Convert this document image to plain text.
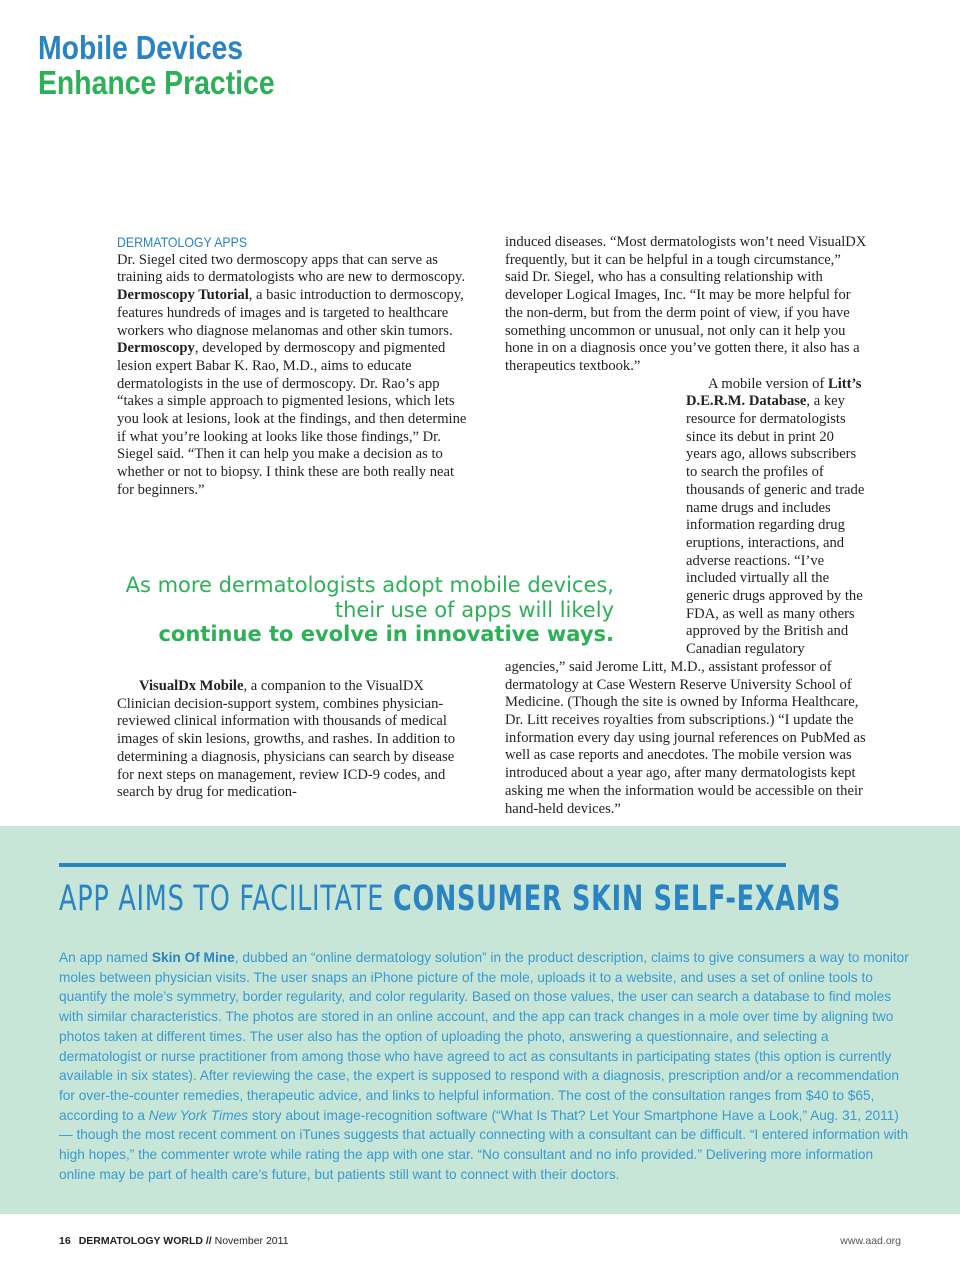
Mobile Devices
Enhance Practice
DERMATOLOGY APPS

Dr. Siegel cited two dermoscopy apps that can serve as training aids to dermatologists who are new to dermoscopy. Dermoscopy Tutorial, a basic introduction to dermoscopy, features hundreds of images and is targeted to healthcare workers who diagnose melanomas and other skin tumors. Dermoscopy, developed by dermoscopy and pigmented lesion expert Babar K. Rao, M.D., aims to educate dermatologists in the use of dermoscopy. Dr. Rao’s app “takes a simple approach to pigmented lesions, which lets you look at lesions, look at the findings, and then determine if what you’re looking at looks like those findings,” Dr. Siegel said. “Then it can help you make a decision as to whether or not to biopsy. I think these are both really neat for beginners.”

As more dermatologists adopt mobile devices,
their use of apps will likely
continue to evolve in innovative ways.

VisualDx Mobile, a companion to the VisualDX Clinician decision-support system, combines physician-reviewed clinical information with thousands of medical images of skin lesions, growths, and rashes. In addition to determining a diagnosis, physicians can search by disease for next steps on management, review ICD-9 codes, and search by drug for medication-

induced diseases. “Most dermatologists won’t need VisualDX frequently, but it can be helpful in a tough circumstance,” said Dr. Siegel, who has a consulting relationship with developer Logical Images, Inc. “It may be more helpful for the non-derm, but from the derm point of view, if you have something uncommon or unusual, not only can it help you hone in on a diagnosis once you’ve gotten there, it also has a therapeutics textbook.”

A mobile version of Litt’s D.E.R.M. Database, a key resource for dermatologists since its debut in print 20 years ago, allows subscribers to search the profiles of thousands of generic and trade name drugs and includes information regarding drug eruptions, interactions, and adverse reactions. “I’ve included virtually all the generic drugs approved by the FDA, as well as many others approved by the British and Canadian regulatory agencies,” said Jerome Litt, M.D., assistant professor of dermatology at Case Western Reserve University School of Medicine. (Though the site is owned by Informa Healthcare, Dr. Litt receives royalties from subscriptions.) “I update the information every day using journal references on PubMed as well as case reports and anecdotes. The mobile version was introduced about a year ago, after many dermatologists kept asking me when the information would be accessible on their hand-held devices.”

APP AIMS TO FACILITATE CONSUMER SKIN SELF-EXAMS

An app named Skin Of Mine, dubbed an “online dermatology solution” in the product description, claims to give consumers a way to monitor moles between physician visits. The user snaps an iPhone picture of the mole, uploads it to a website, and uses a set of online tools to quantify the mole’s symmetry, border regularity, and color regularity. Based on those values, the user can search a database to find moles with similar characteristics. The photos are stored in an online account, and the app can track changes in a mole over time by aligning two photos taken at different times. The user also has the option of uploading the photo, answering a questionnaire, and selecting a dermatologist or nurse practitioner from among those who have agreed to act as consultants in participating states (this option is currently available in six states). After reviewing the case, the expert is supposed to respond with a diagnosis, prescription and/or a recommendation for over-the-counter remedies, therapeutic advice, and links to helpful information. The cost of the consultation ranges from $40 to $65, according to a New York Times story about image-recognition software (“What Is That? Let Your Smartphone Have a Look,” Aug. 31, 2011) — though the most recent comment on iTunes suggests that actually connecting with a consultant can be difficult. “I entered information with high hopes,” the commenter wrote while rating the app with one star. “No consultant and no info provided.” Delivering more information online may be part of health care’s future, but patients still want to connect with their doctors.

16 DERMATOLOGY WORLD // November 2011	www.aad.org
